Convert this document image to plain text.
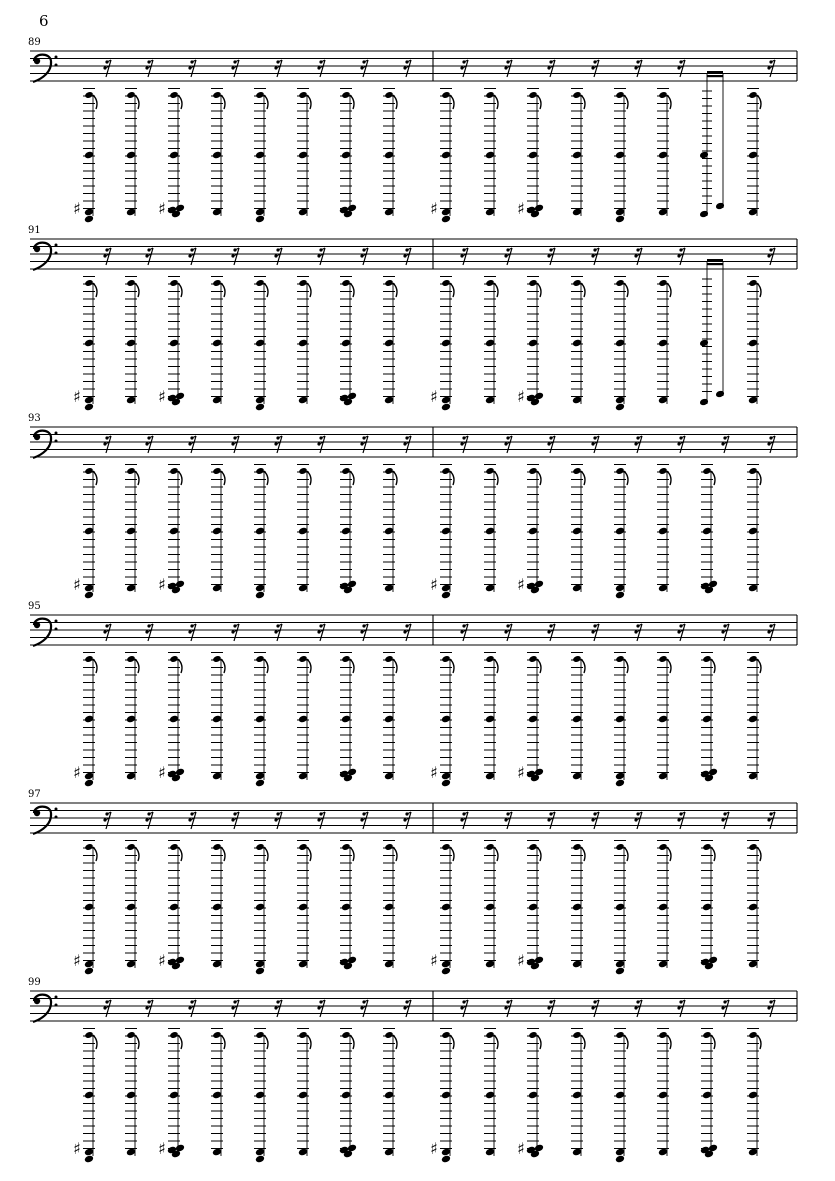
6
89
91
93
95
97
99
♯	♯	♯	♯
♯	♯	♯	♯
♯	♯	♯	♯
♯	♯	♯	♯
♯	♯	♯	♯
♯	♯	♯	♯
